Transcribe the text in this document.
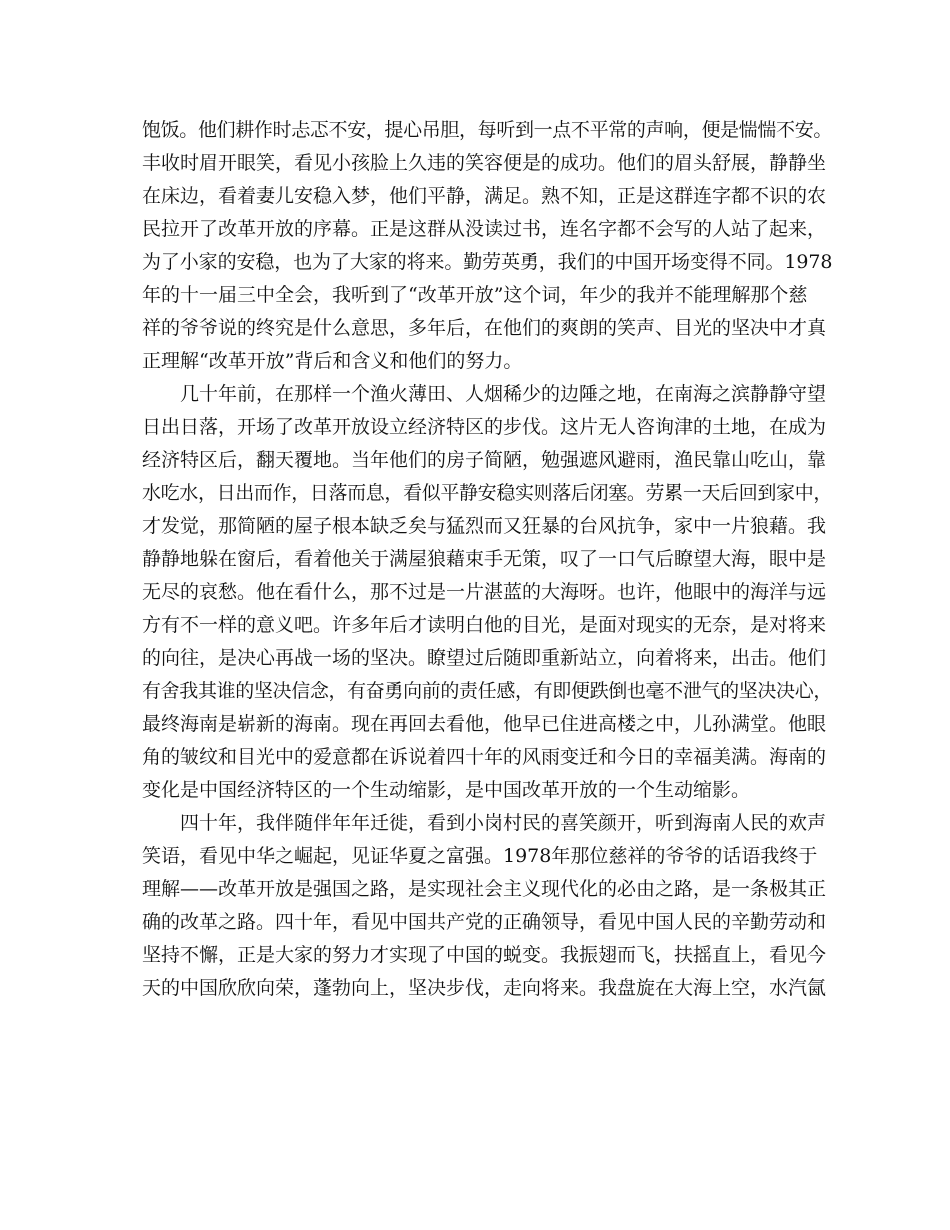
饱饭。他们耕作时忐忑不安，提心吊胆，每听到一点不平常的声响，便是惴惴不安。
丰收时眉开眼笑，看见小孩脸上久违的笑容便是的成功。他们的眉头舒展，静静坐
在床边，看着妻儿安稳入梦，他们平静，满足。熟不知，正是这群连字都不识的农
民拉开了改革开放的序幕。正是这群从没读过书，连名字都不会写的人站了起来，
为了小家的安稳，也为了大家的将来。勤劳英勇，我们的中国开场变得不同。1978
年的十一届三中全会，我听到了“改革开放”这个词，年少的我并不能理解那个慈
祥的爷爷说的终究是什么意思，多年后，在他们的爽朗的笑声、目光的坚决中才真
正理解“改革开放”背后和含义和他们的努力。
　　几十年前，在那样一个渔火薄田、人烟稀少的边陲之地，在南海之滨静静守望
日出日落，开场了改革开放设立经济特区的步伐。这片无人咨询津的土地，在成为
经济特区后，翻天覆地。当年他们的房子简陋，勉强遮风避雨，渔民靠山吃山，靠
水吃水，日出而作，日落而息，看似平静安稳实则落后闭塞。劳累一天后回到家中，
才发觉，那简陋的屋子根本缺乏矣与猛烈而又狂暴的台风抗争，家中一片狼藉。我
静静地躲在窗后，看着他关于满屋狼藉束手无策，叹了一口气后瞭望大海，眼中是
无尽的哀愁。他在看什么，那不过是一片湛蓝的大海呀。也许，他眼中的海洋与远
方有不一样的意义吧。许多年后才读明白他的目光，是面对现实的无奈，是对将来
的向往，是决心再战一场的坚决。瞭望过后随即重新站立，向着将来，出击。他们
有舍我其谁的坚决信念，有奋勇向前的责任感，有即便跌倒也毫不泄气的坚决决心，
最终海南是崭新的海南。现在再回去看他，他早已住进高楼之中，儿孙满堂。他眼
角的皱纹和目光中的爱意都在诉说着四十年的风雨变迁和今日的幸福美满。海南的
变化是中国经济特区的一个生动缩影，是中国改革开放的一个生动缩影。
　　四十年，我伴随伴年年迁徙，看到小岗村民的喜笑颜开，听到海南人民的欢声
笑语，看见中华之崛起，见证华夏之富强。1978年那位慈祥的爷爷的话语我终于
理解——改革开放是强国之路，是实现社会主义现代化的必由之路，是一条极其正
确的改革之路。四十年，看见中国共产党的正确领导，看见中国人民的辛勤劳动和
坚持不懈，正是大家的努力才实现了中国的蜕变。我振翅而飞，扶摇直上，看见今
天的中国欣欣向荣，蓬勃向上，坚决步伐，走向将来。我盘旋在大海上空，水汽氤
